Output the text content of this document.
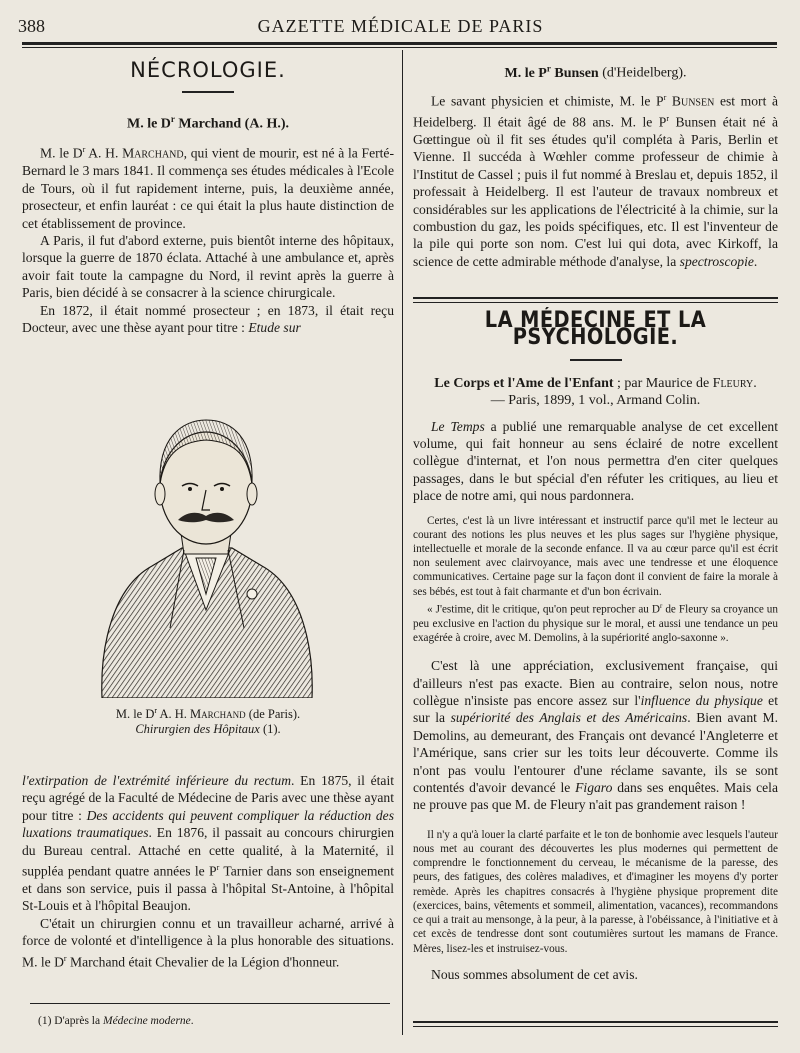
388	GAZETTE MÉDICALE DE PARIS
NÉCROLOGIE.
M. le $D^r$ Marchand (A. H.).

M. le $D^r$ A. H. Marchand, qui vient de mourir, est né à la Ferté-Bernard le 3 mars 1841. Il commença ses études médicales à l'Ecole de Tours, où il fut rapidement interne, puis, la deuxième année, prosecteur, et enfin lauréat : ce qui était la plus haute distinction de cet établissement de province.

A Paris, il fut d'abord externe, puis bientôt interne des hôpitaux, lorsque la guerre de 1870 éclata. Attaché à une ambulance et, après avoir fait toute la campagne du Nord, il revint après la guerre à Paris, bien décidé à se consacrer à la science chirurgicale.

En 1872, il était nommé prosecteur ; en 1873, il était reçu Docteur, avec une thèse ayant pour titre : Etude sur

M. le $D^r$ A. H. Marchand (de Paris).
Chirurgien des Hôpitaux (1).

l'extirpation de l'extrémité inférieure du rectum. En 1875, il était reçu agrégé de la Faculté de Médecine de Paris avec une thèse ayant pour titre : Des accidents qui peuvent compliquer la réduction des luxations traumatiques. En 1876, il passait au concours chirurgien du Bureau central. Attaché en cette qualité, à la Maternité, il suppléa pendant quatre années le $P^r$ Tarnier dans son enseignement et dans son service, puis il passa à l'hôpital St-Antoine, à l'hôpital St-Louis et à l'hôpital Beaujon.

C'était un chirurgien connu et un travailleur acharné, arrivé à force de volonté et d'intelligence à la plus honorable des situations. M. le $D^r$ Marchand était Chevalier de la Légion d'honneur.

(1) D'après la Médecine moderne.
M. le $P^r$ Bunsen (d'Heidelberg).

Le savant physicien et chimiste, M. le $P^r$ Bunsen est mort à Heidelberg. Il était âgé de 88 ans. M. le $P^r$ Bunsen était né à Gœttingue où il fit ses études qu'il compléta à Paris, Berlin et Vienne. Il succéda à Wœhler comme professeur de chimie à l'Institut de Cassel ; puis il fut nommé à Breslau et, depuis 1852, il professait à Heidelberg. Il est l'auteur de travaux nombreux et considérables sur les applications de l'électricité à la chimie, sur la combustion du gaz, les poids spécifiques, etc. Il est l'inventeur de la pile qui porte son nom. C'est lui qui dota, avec Kirkoff, la science de cette admirable méthode d'analyse, la spectroscopie.

LA MÉDECINE ET LA PSYCHOLOGIE.
Le Corps et l'Ame de l'Enfant ; par Maurice de Fleury.
— Paris, 1899, 1 vol., Armand Colin.

Le Temps a publié une remarquable analyse de cet excellent volume, qui fait honneur au sens éclairé de notre excellent collègue d'internat, et l'on nous permettra d'en citer quelques passages, dans le but spécial d'en réfuter les critiques, au lieu et place de notre ami, qui nous pardonnera.

Certes, c'est là un livre intéressant et instructif parce qu'il met le lecteur au courant des notions les plus neuves et les plus sages sur l'hygiène physique, intellectuelle et morale de la seconde enfance. Il va au cœur parce qu'il est écrit non seulement avec clairvoyance, mais avec une tendresse et une éloquence communicatives. Certaine page sur la façon dont il convient de faire la morale à ses bébés, est tout à fait charmante et d'un bon écrivain.

« J'estime, dit le critique, qu'on peut reprocher au $D^r$ de Fleury sa croyance un peu exclusive en l'action du physique sur le moral, et aussi une tendance un peu exagérée à croire, avec M. Demolins, à la supériorité anglo-saxonne ».

C'est là une appréciation, exclusivement française, qui d'ailleurs n'est pas exacte. Bien au contraire, selon nous, notre collègue n'insiste pas encore assez sur l'influence du physique et sur la supériorité des Anglais et des Américains. Bien avant M. Demolins, au demeurant, des Français ont devancé l'Angleterre et l'Amérique, sans crier sur les toits leur découverte. Comme ils n'ont pas voulu l'entourer d'une réclame savante, ils se sont contentés d'avoir devancé le Figaro dans ses enquêtes. Mais cela ne prouve pas que M. de Fleury n'ait pas grandement raison !

Il n'y a qu'à louer la clarté parfaite et le ton de bonhomie avec lesquels l'auteur nous met au courant des découvertes les plus modernes qui permettent de comprendre le fonctionnement du cerveau, le mécanisme de la paresse, des peurs, des fatigues, des colères maladives, et d'imaginer les moyens d'y porter remède. Après les chapitres consacrés à l'hygiène physique proprement dite (exercices, bains, vêtements et sommeil, alimentation, vacances), recommandons ce qui a trait au mensonge, à la peur, à la paresse, à l'obéissance, à l'initiative et à cet excès de tendresse dont sont coutumières surtout les mamans de France. Mères, lisez-les et instruisez-vous.

Nous sommes absolument de cet avis.
